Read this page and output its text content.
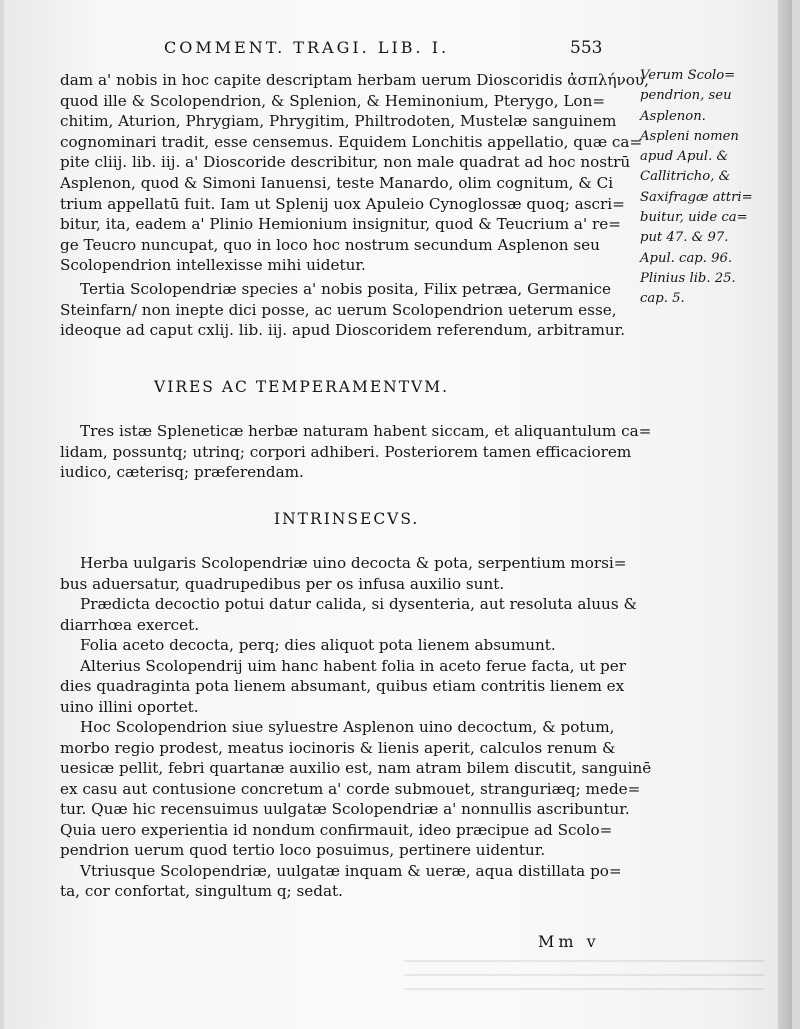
COMMENT. TRAGI. LIB. I.	553
dam a' nobis in hoc capite descriptam herbam uerum Dioscoridis ἀσπλήνου,
quod ille & Scolopendrion, & Splenion, & Heminonium, Pterygo, Lon=
chitim, Aturion, Phrygiam, Phrygitim, Philtrodoten, Mustelæ sanguinem
cognominari tradit, esse censemus. Equidem Lonchitis appellatio, quæ ca=
pite cliij. lib. iij. a' Dioscoride describitur, non male quadrat ad hoc nostrū
Asplenon, quod & Simoni Ianuensi, teste Manardo, olim cognitum, & Ci
trium appellatū fuit. Iam ut Splenij uox Apuleio Cynoglossæ quoq; ascri=
bitur, ita, eadem a' Plinio Hemionium insignitur, quod & Teucrium a' re=
ge Teucro nuncupat, quo in loco hoc nostrum secundum Asplenon seu
Scolopendrion intellexisse mihi uidetur.
Tertia Scolopendriæ species a' nobis posita, Filix petræa, Germanice
Steinfarn/ non inepte dici posse, ac uerum Scolopendrion ueterum esse,
ideoque ad caput cxlij. lib. iij. apud Dioscoridem referendum, arbitramur.
VIRES AC TEMPERAMENTVM.
Tres istæ Spleneticæ herbæ naturam habent siccam, et aliquantulum ca=
lidam, possuntq; utrinq; corpori adhiberi. Posteriorem tamen efficaciorem
iudico, cæterisq; præferendam.
INTRINSECVS.
Herba uulgaris Scolopendriæ uino decocta & pota, serpentium morsi=
bus aduersatur, quadrupedibus per os infusa auxilio sunt.
Prædicta decoctio potui datur calida, si dysenteria, aut resoluta aluus &
diarrhœa exercet.
Folia aceto decocta, perq; dies aliquot pota lienem absumunt.
Alterius Scolopendrij uim hanc habent folia in aceto ferue facta, ut per
dies quadraginta pota lienem absumant, quibus etiam contritis lienem ex
uino illini oportet.
Hoc Scolopendrion siue syluestre Asplenon uino decoctum, & potum,
morbo regio prodest, meatus iocinoris & lienis aperit, calculos renum &
uesicæ pellit, febri quartanæ auxilio est, nam atram bilem discutit, sanguinē
ex casu aut contusione concretum a' corde submouet, stranguriæq; mede=
tur. Quæ hic recensuimus uulgatæ Scolopendriæ a' nonnullis ascribuntur.
Quia uero experientia id nondum confirmauit, ideo præcipue ad Scolo=
pendrion uerum quod tertio loco posuimus, pertinere uidentur.
Vtriusque Scolopendriæ, uulgatæ inquam & ueræ, aqua distillata po=
ta, cor confortat, singultum q; sedat.
Verum Scolo=
pendrion, seu
Asplenon.
Aspleni nomen
apud Apul. &
Callitricho, &
Saxifragæ attri=
buitur, uide ca=
put 47. & 97.
Apul. cap. 96.
Plinius lib. 25.
cap. 5.
Mm v
